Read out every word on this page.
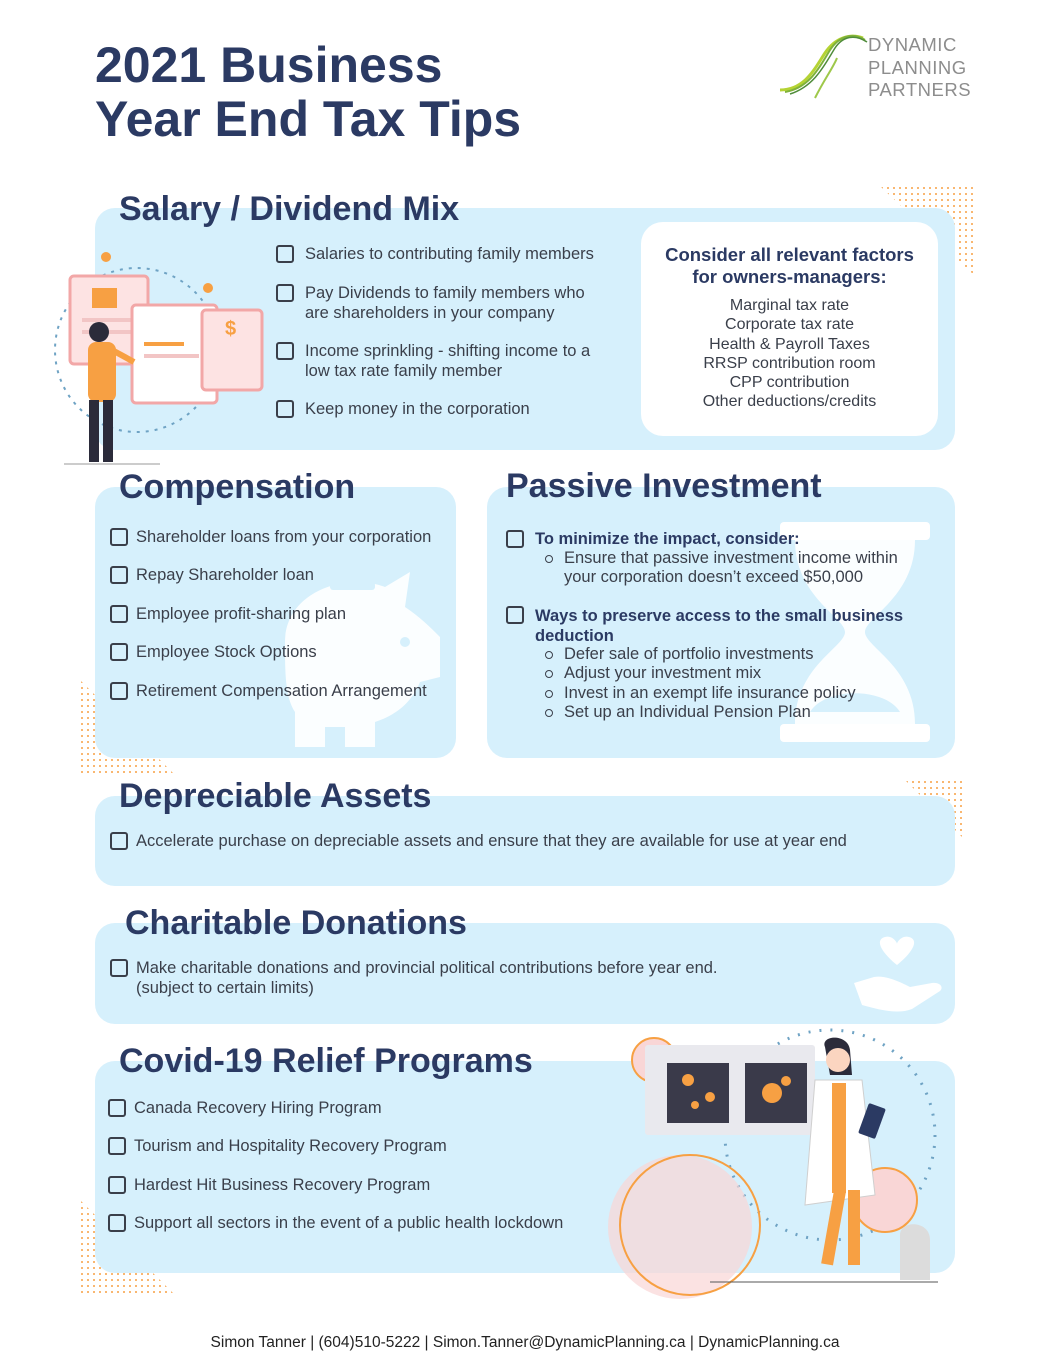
2021 Business
Year End Tax Tips
DYNAMIC
PLANNING
PARTNERS
Salary / Dividend Mix
$
Salaries to contributing family members
Pay Dividends to family members who
are shareholders in your company
Income sprinkling - shifting income to a
low tax rate family member
Keep money in the corporation
Consider all relevant factors
for owners-managers:
Marginal tax rate
Corporate tax rate
Health & Payroll Taxes
RRSP contribution room
CPP contribution
Other deductions/credits
Compensation
Shareholder loans from your corporation
Repay Shareholder loan
Employee profit-sharing plan
Employee Stock Options
Retirement Compensation Arrangement
Passive Investment
To minimize the impact, consider:
Ensure that passive investment income within
your corporation doesn’t exceed $50,000
Ways to preserve access to the small business
deduction
Defer sale of portfolio investments
Adjust your investment mix
Invest in an exempt life insurance policy
Set up an Individual Pension Plan
Depreciable Assets
Accelerate purchase on depreciable assets and ensure that they are available for use at year end
Charitable Donations
Make charitable donations and provincial political contributions before year end.
(subject to certain limits)
Covid-19 Relief Programs
Canada Recovery Hiring Program
Tourism and Hospitality Recovery Program
Hardest Hit Business Recovery Program
Support all sectors in the event of a public health lockdown
Simon Tanner | (604)510-5222 | Simon.Tanner@DynamicPlanning.ca | DynamicPlanning.ca
